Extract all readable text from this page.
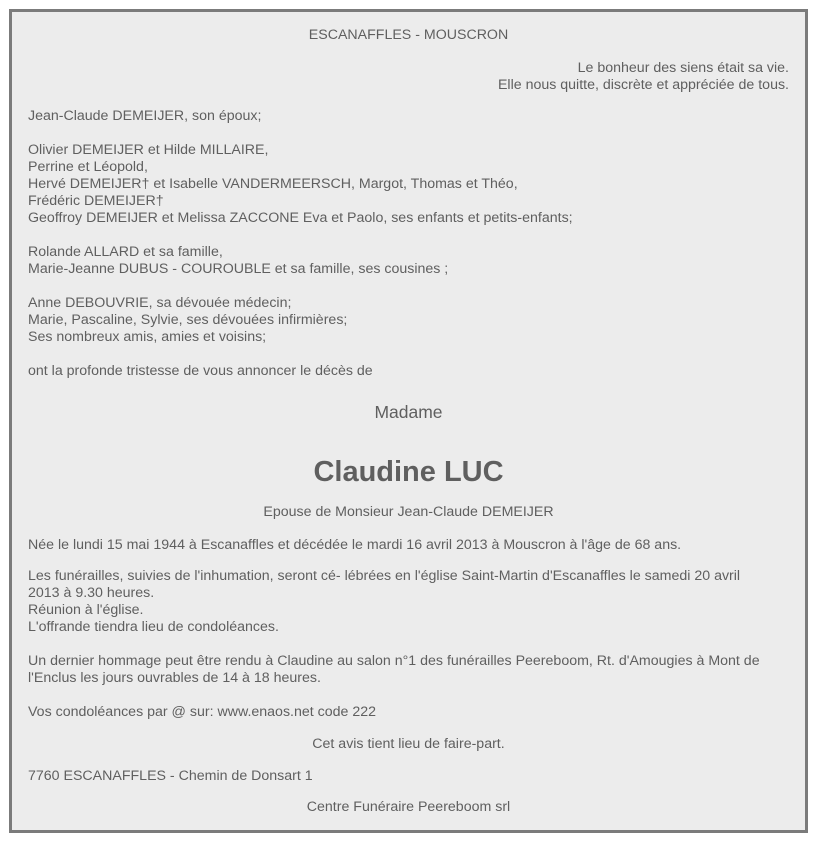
ESCANAFFLES - MOUSCRON
Le bonheur des siens était sa vie.
Elle nous quitte, discrète et appréciée de tous.
Jean-Claude DEMEIJER, son époux;
Olivier DEMEIJER et Hilde MILLAIRE,
Perrine et Léopold,
Hervé DEMEIJER† et Isabelle VANDERMEERSCH, Margot, Thomas et Théo,
Frédéric DEMEIJER†
Geoffroy DEMEIJER et Melissa ZACCONE Eva et Paolo, ses enfants et petits-enfants;
Rolande ALLARD et sa famille,
Marie-Jeanne DUBUS - COUROUBLE et sa famille, ses cousines ;
Anne DEBOUVRIE, sa dévouée médecin;
Marie, Pascaline, Sylvie, ses dévouées infirmières;
Ses nombreux amis, amies et voisins;
ont la profonde tristesse de vous annoncer le décès de
Madame
Claudine LUC
Epouse de Monsieur Jean-Claude DEMEIJER
Née le lundi 15 mai 1944 à Escanaffles et décédée le mardi 16 avril 2013 à Mouscron à l'âge de 68 ans.
Les funérailles, suivies de l'inhumation, seront cé- lébrées en l'église Saint-Martin d'Escanaffles le samedi 20 avril
2013 à 9.30 heures.
Réunion à l'église.
L'offrande tiendra lieu de condoléances.
Un dernier hommage peut être rendu à Claudine au salon n°1 des funérailles Peereboom, Rt. d'Amougies à Mont de
l'Enclus les jours ouvrables de 14 à 18 heures.
Vos condoléances par @ sur: www.enaos.net code 222
Cet avis tient lieu de faire-part.
7760 ESCANAFFLES - Chemin de Donsart 1
Centre Funéraire Peereboom srl
